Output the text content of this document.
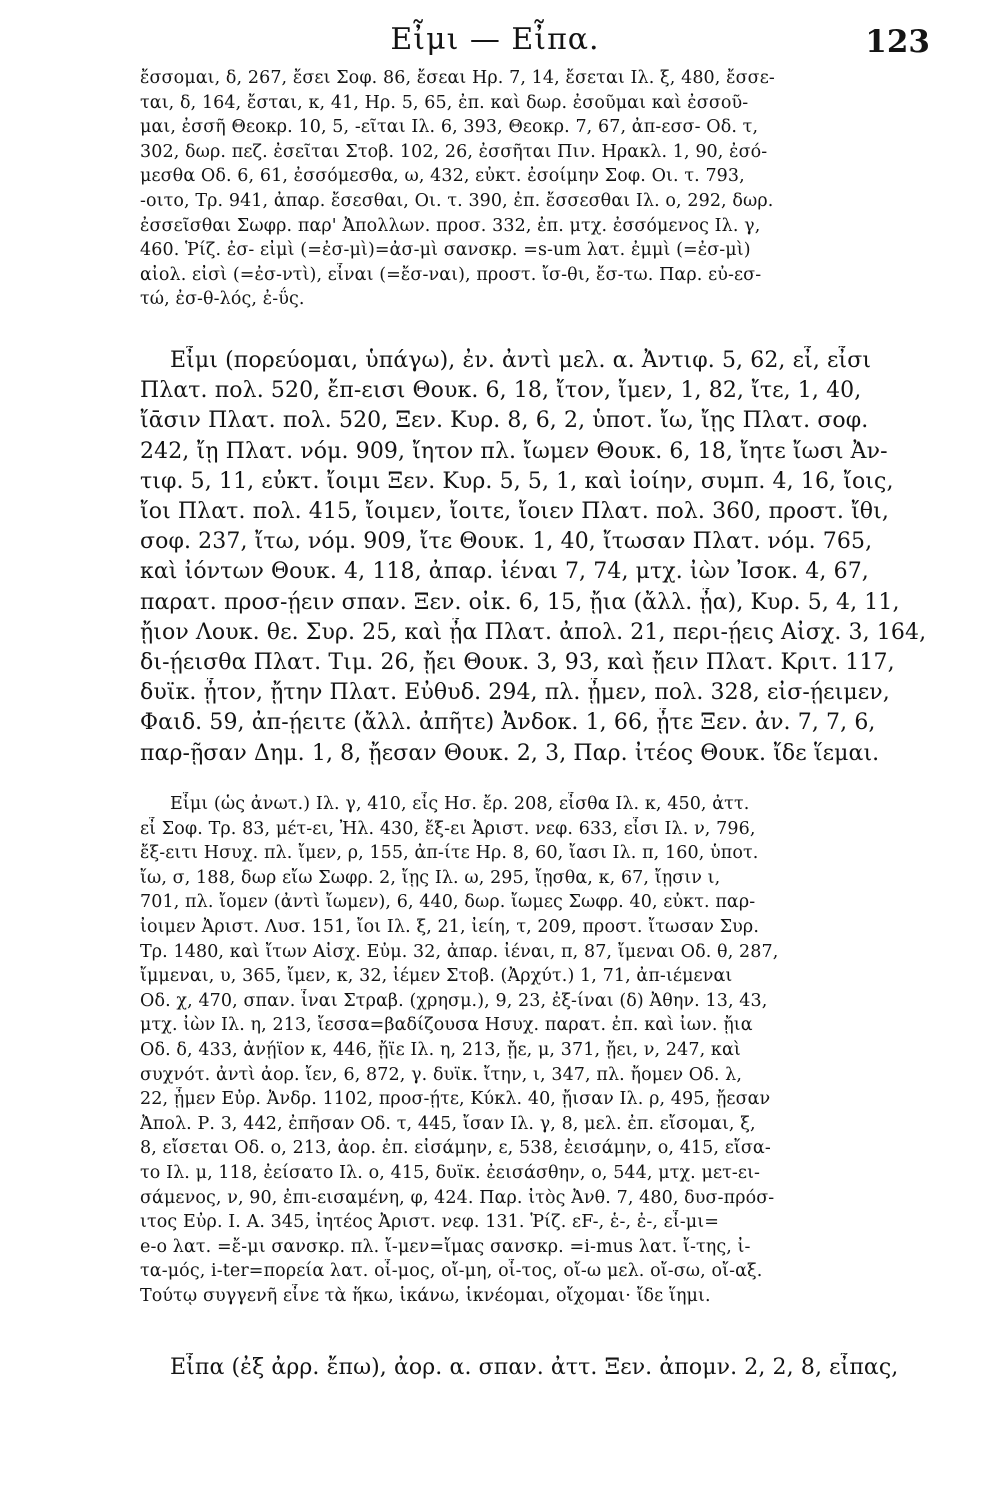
Εἶμι — Εἶπα.	123
ἔσσομαι, δ, 267, ἔσει Σοφ. 86, ἔσεαι Ηρ. 7, 14, ἔσεται Ιλ. ξ, 480, ἔσσε-
ται, δ, 164, ἔσται, κ, 41, Ηρ. 5, 65, ἐπ. καὶ δωρ. ἐσοῦμαι καὶ ἐσσοῦ-
μαι, ἐσσῆ Θεοκρ. 10, 5, -εῖται Ιλ. 6, 393, Θεοκρ. 7, 67, ἀπ-εσσ- Οδ. τ,
302, δωρ. πεζ. ἐσεῖται Στοβ. 102, 26, ἐσσῆται Πιν. Ηρακλ. 1, 90, ἐσό-
μεσθα Οδ. 6, 61, ἐσσόμεσθα, ω, 432, εὐκτ. ἐσοίμην Σοφ. Οι. τ. 793,
-οιτο, Τρ. 941, ἀπαρ. ἔσεσθαι, Οι. τ. 390, ἐπ. ἔσσεσθαι Ιλ. ο, 292, δωρ.
ἐσσεῖσθαι Σωφρ. παρ' Ἀπολλων. προσ. 332, ἐπ. μτχ. ἐσσόμενος Ιλ. γ,
460. Ῥίζ. ἐσ- εἰμὶ (=ἐσ-μὶ)=ἀσ-μὶ σανσκρ. =s-um λατ. ἐμμὶ (=ἐσ-μὶ)
αἰολ. εἰσὶ (=ἐσ-ντὶ), εἶναι (=ἔσ-ναι), προστ. ἴσ-θι, ἔσ-τω. Παρ. εὐ-εσ-
τώ, ἐσ-θ-λός, ἐ-ΰς.
Εἶμι (πορεύομαι, ὑπάγω), ἐν. ἀντὶ μελ. α. Ἀντιφ. 5, 62, εἶ, εἶσι
Πλατ. πολ. 520, ἔπ-εισι Θουκ. 6, 18, ἴτον, ἴμεν, 1, 82, ἴτε, 1, 40,
ἴᾱσιν Πλατ. πολ. 520, Ξεν. Κυρ. 8, 6, 2, ὑποτ. ἴω, ἴῃς Πλατ. σοφ.
242, ἴῃ Πλατ. νόμ. 909, ἴητον πλ. ἴωμεν Θουκ. 6, 18, ἴητε ἴωσι Ἀν-
τιφ. 5, 11, εὐκτ. ἴοιμι Ξεν. Κυρ. 5, 5, 1, καὶ ἰοίην, συμπ. 4, 16, ἴοις,
ἴοι Πλατ. πολ. 415, ἴοιμεν, ἴοιτε, ἴοιεν Πλατ. πολ. 360, προστ. ἴθι,
σοφ. 237, ἴτω, νόμ. 909, ἴτε Θουκ. 1, 40, ἴτωσαν Πλατ. νόμ. 765,
καὶ ἰόντων Θουκ. 4, 118, ἀπαρ. ἰέναι 7, 74, μτχ. ἰὼν Ἰσοκ. 4, 67,
παρατ. προσ-ῄειν σπαν. Ξεν. οἰκ. 6, 15, ᾔια (ἄλλ. ᾖα), Κυρ. 5, 4, 11,
ᾔιον Λουκ. θε. Συρ. 25, καὶ ᾖα Πλατ. ἀπολ. 21, περι-ῄεις Αἰσχ. 3, 164,
δι-ῄεισθα Πλατ. Τιμ. 26, ᾔει Θουκ. 3, 93, καὶ ᾔειν Πλατ. Κριτ. 117,
δυϊκ. ᾖτον, ᾔτην Πλατ. Εὐθυδ. 294, πλ. ᾖμεν, πολ. 328, εἰσ-ῄειμεν,
Φαιδ. 59, ἀπ-ῄειτε (ἄλλ. ἀπῆτε) Ἀνδοκ. 1, 66, ᾖτε Ξεν. ἀν. 7, 7, 6,
παρ-ῇσαν Δημ. 1, 8, ᾔεσαν Θουκ. 2, 3, Παρ. ἰτέος Θουκ. ἴδε ἵεμαι.
Εἶμι (ὡς ἀνωτ.) Ιλ. γ, 410, εἶς Ησ. ἔρ. 208, εἶσθα Ιλ. κ, 450, ἀττ.
εἶ Σοφ. Τρ. 83, μέτ-ει, Ἠλ. 430, ἔξ-ει Ἀριστ. νεφ. 633, εἶσι Ιλ. ν, 796,
ἔξ-ειτι Ησυχ. πλ. ἴμεν, ρ, 155, ἀπ-ίτε Ηρ. 8, 60, ἴασι Ιλ. π, 160, ὑποτ.
ἴω, σ, 188, δωρ εἴω Σωφρ. 2, ἴῃς Ιλ. ω, 295, ἴῃσθα, κ, 67, ἴῃσιν ι,
701, πλ. ἴομεν (ἀντὶ ἴωμεν), 6, 440, δωρ. ἴωμες Σωφρ. 40, εὐκτ. παρ-
ἰοιμεν Ἀριστ. Λυσ. 151, ἴοι Ιλ. ξ, 21, ἰείη, τ, 209, προστ. ἴτωσαν Συρ.
Τρ. 1480, καὶ ἴτων Αἰσχ. Εὐμ. 32, ἀπαρ. ἰέναι, π, 87, ἴμεναι Οδ. θ, 287,
ἴμμεναι, υ, 365, ἴμεν, κ, 32, ἰέμεν Στοβ. (Ἀρχύτ.) 1, 71, ἀπ-ιέμεναι
Οδ. χ, 470, σπαν. ἶναι Στραβ. (χρησμ.), 9, 23, ἐξ-ίναι (δ) Ἀθην. 13, 43,
μτχ. ἰὼν Ιλ. η, 213, ἴεσσα=βαδίζουσα Ησυχ. παρατ. ἐπ. καὶ ἰων. ᾔια
Οδ. δ, 433, ἀνῄϊον κ, 446, ᾔϊε Ιλ. η, 213, ᾔε, μ, 371, ᾔει, ν, 247, καὶ
συχνότ. ἀντὶ ἀορ. ἴεν, 6, 872, γ. δυϊκ. ἴτην, ι, 347, πλ. ἤομεν Οδ. λ,
22, ᾖμεν Εὐρ. Ἀνδρ. 1102, προσ-ῄτε, Κύκλ. 40, ᾔισαν Ιλ. ρ, 495, ᾔεσαν
Ἀπολ. Ρ. 3, 442, ἐπῆσαν Οδ. τ, 445, ἴσαν Ιλ. γ, 8, μελ. ἐπ. εἴσομαι, ξ,
8, εἴσεται Οδ. ο, 213, ἀορ. ἐπ. εἰσάμην, ε, 538, ἐεισάμην, ο, 415, εἴσα-
το Ιλ. μ, 118, ἐείσατο Ιλ. ο, 415, δυϊκ. ἐεισάσθην, ο, 544, μτχ. μετ-ει-
σάμενος, ν, 90, ἐπι-εισαμένη, φ, 424. Παρ. ἰτὸς Ἀνθ. 7, 480, δυσ-πρόσ-
ιτος Εὐρ. Ι. Α. 345, ἰητέος Ἀριστ. νεφ. 131. Ῥίζ. εF-, ἑ-, ἐ-, εἶ-μι=
e-o λατ. =ἔ-μι σανσκρ. πλ. ἴ-μεν=ἴμας σανσκρ. =i-mus λατ. ἴ-της, ἰ-
τα-μός, i-ter=πορεία λατ. οἶ-μος, οἴ-μη, οἶ-τος, οἴ-ω μελ. οἴ-σω, οἴ-αξ.
Τούτῳ συγγενῆ εἶνε τὰ ἥκω, ἱκάνω, ἱκνέομαι, οἴχομαι· ἴδε ἵημι.
Εἶπα (ἐξ ἀρρ. ἔπω), ἀορ. α. σπαν. ἀττ. Ξεν. ἀπομν. 2, 2, 8, εἶπας,
